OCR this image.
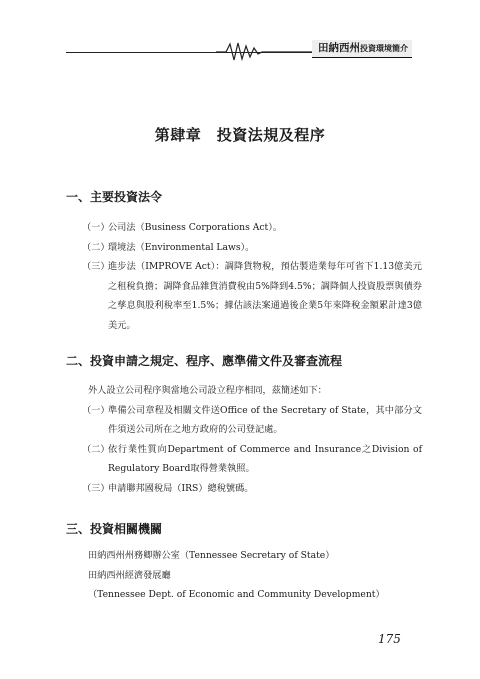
田納西州投資環境簡介
第肆章　投資法規及程序
一、主要投資法令
（一）
公司法（Business Corporations Act）。
（二）
環境法（Environmental Laws）。
（三）
進步法（IMPROVE Act）：調降貨物稅，預估製造業每年可省下1.13億美元之租稅負擔；調降食品雜貨消費稅由5%降到4.5%；調降個人投資股票與債券之孳息與股利稅率至1.5%；據估該法案通過後企業5年來降稅金額累計達3億美元。
二、投資申請之規定、程序、應準備文件及審查流程
外人設立公司程序與當地公司設立程序相同，茲簡述如下：
（一）
準備公司章程及相關文件送Office of the Secretary of State，其中部分文件須送公司所在之地方政府的公司登記處。
（二）
依行業性質向Department of Commerce and Insurance之Division of Regulatory Board取得營業執照。
（三）
申請聯邦國稅局（IRS）總稅號碼。
三、投資相關機關
田納西州州務卿辦公室（Tennessee Secretary of State）
田納西州經濟發展廳
（Tennessee Dept. of Economic and Community Development）
175
